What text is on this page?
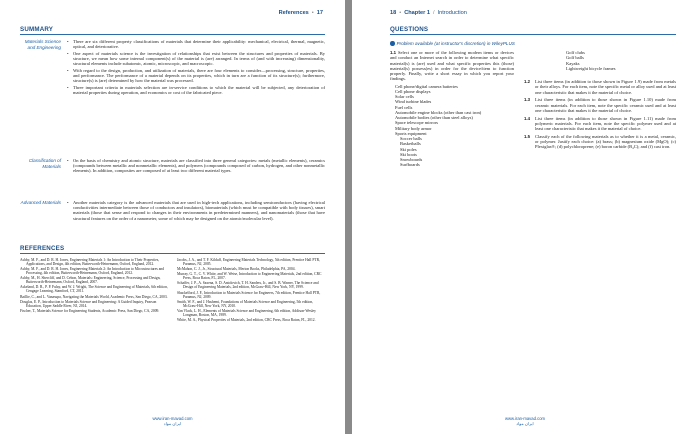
References • 17
SUMMARY
Materials Science and Engineering
• There are six different property classifications of materials that determine their applicability: mechanical, electrical, thermal, magnetic, optical, and deteriorative.
• One aspect of materials science is the investigation of relationships that exist between the structures and properties of materials. By structure, we mean how some internal component(s) of the material is (are) arranged. In terms of (and with increasing) dimensionality, structural elements include subatomic, atomic, microscopic, and macroscopic.
• With regard to the design, production, and utilization of materials, there are four elements to consider—processing, structure, properties, and performance. The performance of a material depends on its properties, which in turn are a function of its structure(s); furthermore, structure(s) is (are) determined by how the material was processed.
• Three important criteria in materials selection are in-service conditions to which the material will be subjected, any deterioration of material properties during operation, and economics or cost of the fabricated piece.
Classification of Materials
• On the basis of chemistry and atomic structure, materials are classified into three general categories: metals (metallic elements), ceramics (compounds between metallic and nonmetallic elements), and polymers (compounds composed of carbon, hydrogen, and other nonmetallic elements). In addition, composites are composed of at least two different material types.
Advanced Materials
•	Another materials category is the advanced materials that are used in high-tech applications, including semiconductors (having electrical conductivities intermediate between those of conductors and insulators), biomaterials (which must be compatible with body tissues), smart materials (those that sense and respond to changes in their environments in predetermined manners), and nanomaterials (those that have structural features on the order of a nanometer, some of which may be designed on the atomic/molecular level).
REFERENCES

Ashby, M. F., and D. R. H. Jones, Engineering Materials 1: An Introduction to Their Properties, Applications, and Design, 4th edition, Butterworth-Heinemann, Oxford, England, 2012.

Ashby, M. F., and D. R. H. Jones, Engineering Materials 2: An Introduction to Microstructures and Processing, 4th edition, Butterworth-Heinemann, Oxford, England, 2012.

Ashby, M., H. Shercliff, and D. Cebon, Materials: Engineering, Science, Processing and Design, Butterworth-Heinemann, Oxford, England, 2007.

Askeland, D. R., P. P. Fulay, and W. J. Wright, The Science and Engineering of Materials, 6th edition, Cengage Learning, Stamford, CT, 2011.

Baillie, C., and L. Vanasupa, Navigating the Materials World, Academic Press, San Diego, CA, 2003.

Douglas, E. P., Introduction to Materials Science and Engineering: A Guided Inquiry, Pearson Education, Upper Saddle River, NJ, 2014.

Fischer, T., Materials Science for Engineering Students, Academic Press, San Diego, CA, 2009.

Jacobs, J. A., and T. F. Kilduff, Engineering Materials Technology, 5th edition, Prentice Hall PTR, Paramus, NJ, 2005.

McMahon, C. J., Jr., Structural Materials, Merion Books, Philadelphia, PA, 2004.

Murray, G. T., C. V. White, and W. Weise, Introduction to Engineering Materials, 2nd edition, CRC Press, Boca Raton, FL, 2007.

Schaffer, J. P., A. Saxena, S. D. Antolovich, T. H. Sanders, Jr., and S. B. Warner, The Science and Design of Engineering Materials, 2nd edition, McGraw-Hill, New York, NY, 1999.

Shackelford, J. F., Introduction to Materials Science for Engineers, 7th edition, Prentice Hall PTR, Paramus, NJ, 2009.

Smith, W. F., and J. Hashemi, Foundations of Materials Science and Engineering, 5th edition, McGraw-Hill, New York, NY, 2010.

Van Vlack, L. H., Elements of Materials Science and Engineering, 6th edition, Addison-Wesley Longman, Boston, MA, 1989.

White, M. A., Physical Properties of Materials, 2nd edition, CRC Press, Boca Raton, FL, 2012.

www.iran-mavad.com
ایران مواد
18 • Chapter 1 / Introduction
QUESTIONS
Problem available (at instructor's discretion) in WileyPLUS

1.1 Select one or more of the following modern items or devices and conduct an Internet search in order to determine what specific material(s) is (are) used and what specific properties this (those) material(s) possess(es) in order for the device/item to function properly. Finally, write a short essay in which you report your findings.

Cell phone/digital camera batteries
Cell phone displays
Solar cells
Wind turbine blades
Fuel cells
Automobile engine blocks (other than cast iron)
Automobile bodies (other than steel alloys)
Space telescope mirrors
Military body armor
Sports equipment
Soccer balls
Basketballs
Ski poles
Ski boots
Snowboards
Surfboards
Golf clubs
Golf balls
Kayaks
Lightweight bicycle frames
1.2	List three items (in addition to those shown in Figure 1.9) made from metals or their alloys. For each item, note the specific metal or alloy used and at least one characteristic that makes it the material of choice.
1.3	List three items (in addition to those shown in Figure 1.10) made from ceramic materials. For each item, note the specific ceramic used and at least one characteristic that makes it the material of choice.
1.4	List three items (in addition to those shown in Figure 1.11) made from polymeric materials. For each item, note the specific polymer used and at least one characteristic that makes it the material of choice.
1.5	Classify each of the following materials as to whether it is a metal, ceramic, or polymer. Justify each choice: (a) brass; (b) magnesium oxide (MgO); (c) Plexiglas®; (d) polychloroprene; (e) boron carbide (B₄C); and (f) cast iron.
www.iran-mavad.com
ایران مواد
